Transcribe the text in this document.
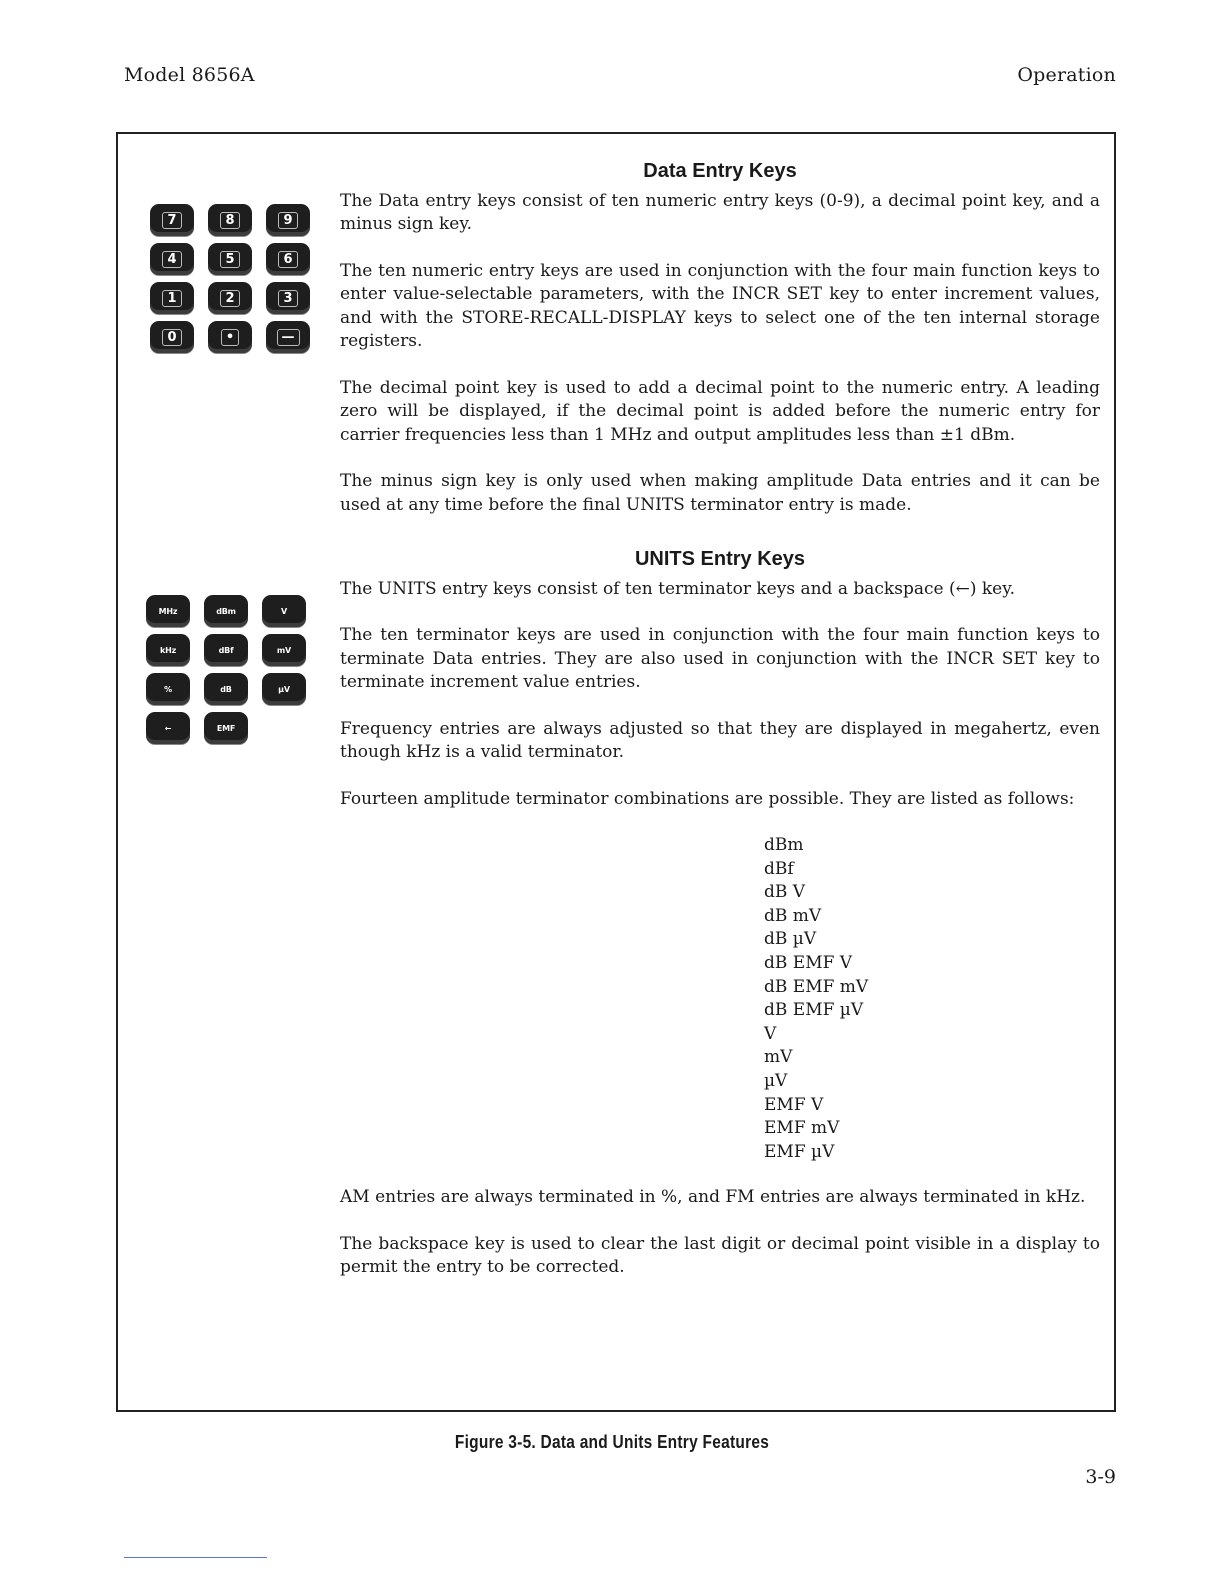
Model 8656A	Operation
7	8	9
4	5	6
1	2	3
0	•	—
MHz	dBm	V
kHz	dBf	mV
%	dB	µV
←	EMF
Data Entry Keys

The Data entry keys consist of ten numeric entry keys (0-9), a decimal point key, and a minus sign key.

The ten numeric entry keys are used in conjunction with the four main function keys to enter value-selectable parameters, with the INCR SET key to enter increment values, and with the STORE-RECALL-DISPLAY keys to select one of the ten internal storage registers.

The decimal point key is used to add a decimal point to the numeric entry. A leading zero will be displayed, if the decimal point is added before the numeric entry for carrier frequencies less than 1 MHz and output amplitudes less than ±1 dBm.

The minus sign key is only used when making amplitude Data entries and it can be used at any time before the final UNITS terminator entry is made.

UNITS Entry Keys

The UNITS entry keys consist of ten terminator keys and a backspace (←) key.

The ten terminator keys are used in conjunction with the four main function keys to terminate Data entries. They are also used in conjunction with the INCR SET key to terminate increment value entries.

Frequency entries are always adjusted so that they are displayed in megahertz, even though kHz is a valid terminator.

Fourteen amplitude terminator combinations are possible. They are listed as follows:

dBm
dBf
dB V
dB mV
dB µV
dB EMF V
dB EMF mV
dB EMF µV
V
mV
µV
EMF V
EMF mV
EMF µV

AM entries are always terminated in %, and FM entries are always terminated in kHz.

The backspace key is used to clear the last digit or decimal point visible in a display to permit the entry to be corrected.

Figure 3-5. Data and Units Entry Features
3-9
